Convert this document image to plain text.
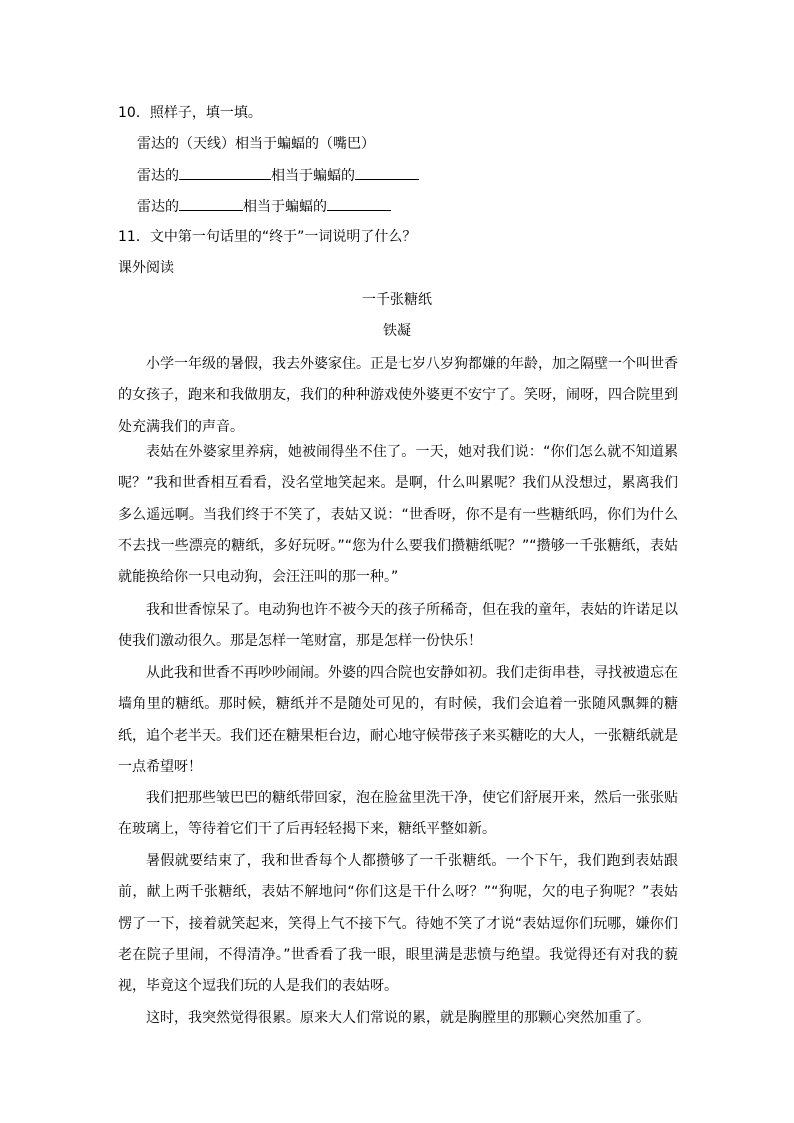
10．照样子，填一填。
雷达的（天线）相当于蝙蝠的（嘴巴）
雷达的	相当于蝙蝠的
雷达的	相当于蝙蝠的
11．文中第一句话里的“终于”一词说明了什么？
课外阅读
一千张糖纸
铁凝

小学一年级的暑假，我去外婆家住。正是七岁八岁狗都嫌的年龄，加之隔壁一个叫世香的女孩子，跑来和我做朋友，我们的种种游戏使外婆更不安宁了。笑呀，闹呀，四合院里到处充满我们的声音。

表姑在外婆家里养病，她被闹得坐不住了。一天，她对我们说：“你们怎么就不知道累呢？”我和世香相互看看，没名堂地笑起来。是啊，什么叫累呢？我们从没想过，累离我们多么遥远啊。当我们终于不笑了，表姑又说：“世香呀，你不是有一些糖纸吗，你们为什么不去找一些漂亮的糖纸，多好玩呀。”“您为什么要我们攒糖纸呢？”“攒够一千张糖纸，表姑就能换给你一只电动狗，会汪汪叫的那一种。”

我和世香惊呆了。电动狗也许不被今天的孩子所稀奇，但在我的童年，表姑的许诺足以使我们激动很久。那是怎样一笔财富，那是怎样一份快乐！

从此我和世香不再吵吵闹闹。外婆的四合院也安静如初。我们走街串巷，寻找被遗忘在墙角里的糖纸。那时候，糖纸并不是随处可见的，有时候，我们会追着一张随风飘舞的糖纸，追个老半天。我们还在糖果柜台边，耐心地守候带孩子来买糖吃的大人，一张糖纸就是一点希望呀！

我们把那些皱巴巴的糖纸带回家，泡在脸盆里洗干净，使它们舒展开来，然后一张张贴在玻璃上，等待着它们干了后再轻轻揭下来，糖纸平整如新。

暑假就要结束了，我和世香每个人都攒够了一千张糖纸。一个下午，我们跑到表姑跟前，献上两千张糖纸，表姑不解地问“你们这是干什么呀？”“狗呢，欠的电子狗呢？”表姑愣了一下，接着就笑起来，笑得上气不接下气。待她不笑了才说“表姑逗你们玩哪，嫌你们老在院子里闹，不得清净。”世香看了我一眼，眼里满是悲愤与绝望。我觉得还有对我的藐视，毕竟这个逗我们玩的人是我们的表姑呀。

这时，我突然觉得很累。原来大人们常说的累，就是胸膛里的那颗心突然加重了。
